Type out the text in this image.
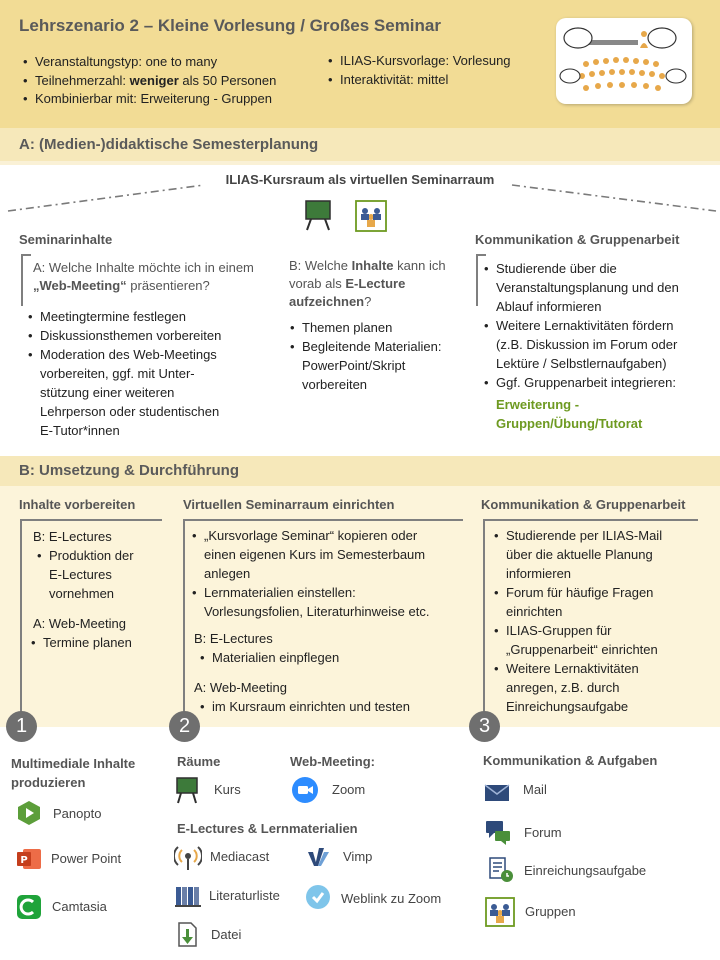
Lehrszenario 2 – Kleine Vorlesung / Großes Seminar
• Veranstaltungstyp: one to many
• Teilnehmerzahl: weniger als 50 Personen
• Kombinierbar mit: Erweiterung - Gruppen
• ILIAS-Kursvorlage: Vorlesung
• Interaktivität: mittel
A: (Medien-)didaktische Semesterplanung
ILIAS-Kursraum als virtuellen Seminarraum
Seminarinhalte
A: Welche Inhalte möchte ich in einem „Web-Meeting“ präsentieren?
• Meetingtermine festlegen
• Diskussionsthemen vorbereiten
• Moderation des Web-Meetings
vorbereiten, ggf. mit Unter-
stützung einer weiteren
Lehrperson oder studentischen
E-Tutor*innen
B: Welche Inhalte kann ich vorab als E-Lecture aufzeichnen?
• Themen planen
• Begleitende Materialien:
PowerPoint/Skript
vorbereiten
Kommunikation & Gruppenarbeit
• Studierende über die
Veranstaltungsplanung und den
Ablauf informieren
• Weitere Lernaktivitäten fördern
(z.B. Diskussion im Forum oder
Lektüre / Selbstlernaufgaben)
• Ggf. Gruppenarbeit integrieren:
Erweiterung -
Gruppen/Übung/Tutorat
B: Umsetzung & Durchführung
Inhalte vorbereiten
B: E-Lectures
• Produktion der
E-Lectures
vornehmen
A: Web-Meeting
• Termine planen
Virtuellen Seminarraum einrichten
• „Kursvorlage Seminar“ kopieren oder
einen eigenen Kurs im Semesterbaum
anlegen
• Lernmaterialien einstellen:
Vorlesungsfolien, Literaturhinweise etc.
B: E-Lectures
• Materialien einpflegen
A: Web-Meeting
• im Kursraum einrichten und testen
Kommunikation & Gruppenarbeit
• Studierende per ILIAS-Mail
über die aktuelle Planung
informieren
• Forum für häufige Fragen
einrichten
• ILIAS-Gruppen für
„Gruppenarbeit“ einrichten
• Weitere Lernaktivitäten
anregen, z.B. durch
Einreichungsaufgabe
1	2	3
Multimediale Inhalte
produzieren
Panopto
P Power Point
Camtasia
Räume
Kurs
Web-Meeting:
Zoom
E-Lectures & Lernmaterialien
Mediacast	Vimp
Literaturliste	Weblink zu Zoom
Datei
Kommunikation & Aufgaben
Mail
Forum
Einreichungsaufgabe
Gruppen
